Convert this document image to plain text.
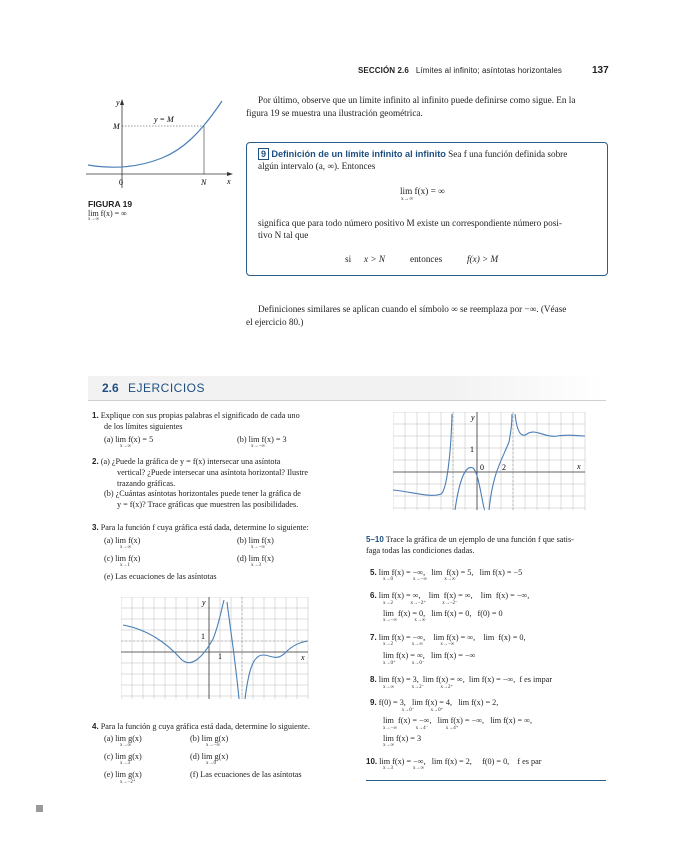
SECCIÓN 2.6 Límites al infinito; asíntotas horizontales	137
y
x
M
y = M
0	N
FIGURA 19
lim f(x) = ∞
x→∞
Por último, observe que un límite infinito al infinito puede definirse como sigue. En la
figura 19 se muestra una ilustración geométrica.
9 Definición de un límite infinito al infinito Sea f una función definida sobre
algún intervalo (a, ∞). Entonces
lim f(x) = ∞
x→∞
significa que para todo número positivo M existe un correspondiente número posi-
tivo N tal que
si x > N	entonces	f(x) > M
Definiciones similares se aplican cuando el símbolo ∞ se reemplaza por −∞. (Véase
el ejercicio 80.)
2.6 EJERCICIOS
1. Explique con sus propias palabras el significado de cada uno
de los límites siguientes
(a) lim f(x) = 5
x→∞
(b) lim f(x) = 3
x→−∞
2. (a) ¿Puede la gráfica de y = f(x) intersecar una asíntota
vertical? ¿Puede intersecar una asíntota horizontal? Ilustre
trazando gráficas.
(b) ¿Cuántas asíntotas horizontales puede tener la gráfica de
y = f(x)? Trace gráficas que muestren las posibilidades.
3. Para la función f cuya gráfica está dada, determine lo siguiente:
(a) lim f(x)
x→∞
(b) lim f(x)
x→−∞
(c) lim f(x)
x→1
(d) lim f(x)
x→3
(e) Las ecuaciones de las asíntotas
y
x
1
1
4. Para la función g cuya gráfica está dada, determine lo siguiente.
(a) lim g(x)
x→∞
(b) lim g(x)
x→−∞
(c) lim g(x)
x→3
(d) lim g(x)
x→0
(e) lim g(x)
x→−2⁺
(f) Las ecuaciones de las asíntotas
y
x
1
0 2
5–10 Trace la gráfica de un ejemplo de una función f que satis-
faga todas las condiciones dadas.
5. lim f(x) = −∞,   lim  f(x) = 5,   lim f(x) = −5
x→0                x→−∞              x→∞
6. lim f(x) = ∞,    lim  f(x) = ∞,    lim  f(x) = −∞,
x→2              x→−2⁺             x→−2⁻
lim  f(x) = 0,   lim f(x) = 0,   f(0) = 0
x→−∞              x→∞
7. lim f(x) = −∞,    lim f(x) = ∞,    lim  f(x) = 0,
x→2               x→∞              x→−∞
lim f(x) = ∞,   lim f(x) = −∞
x→0⁺             x→0⁻
8. lim f(x) = 3,  lim f(x) = ∞,  lim f(x) = −∞,  f es impar
x→∞              x→2⁻             x→2⁺
9. f(0) = 3,   lim f(x) = 4,   lim f(x) = 2,
x→0⁻             x→0⁺
lim  f(x) = −∞,   lim f(x) = −∞,   lim f(x) = ∞,
x→−∞               x→4⁻              x→4⁺
lim f(x) = 3
x→∞
10. lim f(x) = −∞,   lim f(x) = 2,     f(0) = 0,    f es par
x→3                x→∞
